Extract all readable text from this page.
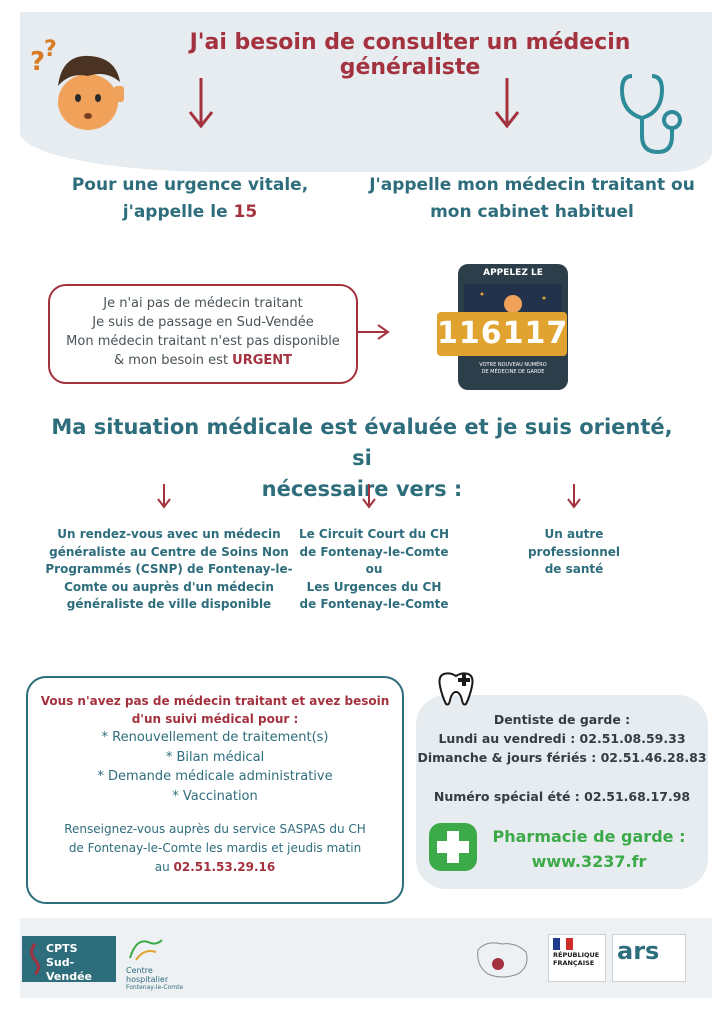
?
?	J'ai besoin de consulter un médecin généraliste
Pour une urgence vitale,
j'appelle le 15
J'appelle mon médecin traitant ou
mon cabinet habituel
Je n'ai pas de médecin traitant
Je suis de passage en Sud-Vendée
Mon médecin traitant n'est pas disponible
& mon besoin est URGENT
APPELEZ LE
VOTRE NOUVEAU NUMÉRO
DE MÉDECINE DE GARDE
116117
Ma situation médicale est évaluée et je suis orienté, si
nécessaire vers :
Un rendez-vous avec un médecin
généraliste au Centre de Soins Non
Programmés (CSNP) de Fontenay-le-
Comte ou auprès d'un médecin
généraliste de ville disponible
Le Circuit Court du CH
de Fontenay-le-Comte
ou
Les Urgences du CH
de Fontenay-le-Comte
Un autre
professionnel
de santé
Vous n'avez pas de médecin traitant et avez besoin
d'un suivi médical pour :
* Renouvellement de traitement(s)
* Bilan médical
* Demande médicale administrative
* Vaccination
Renseignez-vous auprès du service SASPAS du CH
de Fontenay-le-Comte les mardis et jeudis matin
au 02.51.53.29.16
Dentiste de garde :
Lundi au vendredi : 02.51.08.59.33
Dimanche & jours fériés : 02.51.46.28.83
Numéro spécial été : 02.51.68.17.98
Pharmacie de garde :
www.3237.fr
CPTS
Sud-Vendée	Centre hospitalier
Fontenay-le-Comte
RÉPUBLIQUE
FRANÇAISE ars
